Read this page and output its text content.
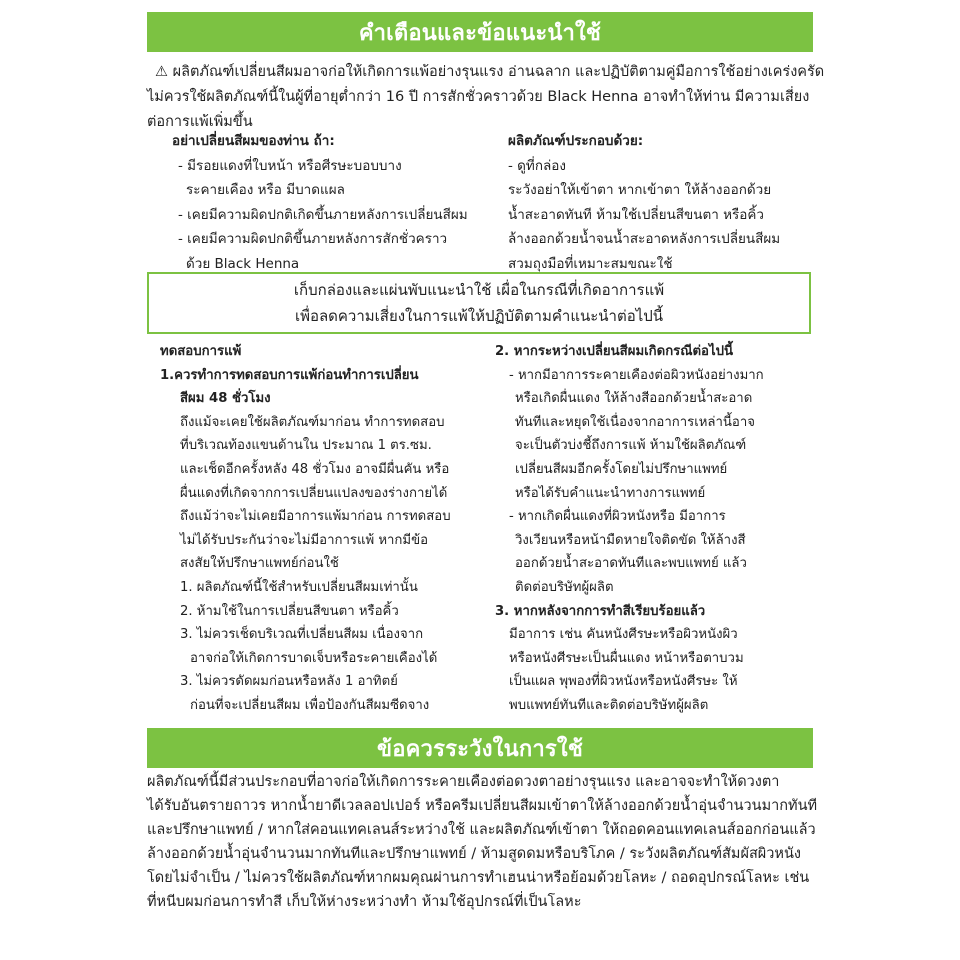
คำเตือนและข้อแนะนำใช้

⚠ ผลิตภัณฑ์เปลี่ยนสีผมอาจก่อให้เกิดการแพ้อย่างรุนแรง อ่านฉลาก และปฏิบัติตามคู่มือการใช้อย่างเคร่งครัด

ไม่ควรใช้ผลิตภัณฑ์นี้ในผู้ที่อายุต่ำกว่า 16 ปี การสักชั่วคราวด้วย Black Henna อาจทำให้ท่าน มีความเสี่ยง

ต่อการแพ้เพิ่มขึ้น

อย่าเปลี่ยนสีผมของท่าน ถ้า:

- มีรอยแดงที่ใบหน้า หรือศีรษะบอบบาง

ระคายเคือง หรือ มีบาดแผล

- เคยมีความผิดปกติเกิดขึ้นภายหลังการเปลี่ยนสีผม

- เคยมีความผิดปกติขึ้นภายหลังการสักชั่วคราว

ด้วย Black Henna

ผลิตภัณฑ์ประกอบด้วย:

- ดูที่กล่อง

ระวังอย่าให้เข้าตา หากเข้าตา ให้ล้างออกด้วย

น้ำสะอาดทันที ห้ามใช้เปลี่ยนสีขนตา หรือคิ้ว

ล้างออกด้วยน้ำจนน้ำสะอาดหลังการเปลี่ยนสีผม

สวมถุงมือที่เหมาะสมขณะใช้

เก็บกล่องและแผ่นพับแนะนำใช้ เผื่อในกรณีที่เกิดอาการแพ้

เพื่อลดความเสี่ยงในการแพ้ให้ปฏิบัติตามคำแนะนำต่อไปนี้

ทดสอบการแพ้

1.ควรทำการทดสอบการแพ้ก่อนทำการเปลี่ยน

สีผม 48 ชั่วโมง

ถึงแม้จะเคยใช้ผลิตภัณฑ์มาก่อน ทำการทดสอบ

ที่บริเวณท้องแขนด้านใน ประมาณ 1 ตร.ซม.

และเช็ดอีกครั้งหลัง 48 ชั่วโมง อาจมีผื่นคัน หรือ

ผื่นแดงที่เกิดจากการเปลี่ยนแปลงของร่างกายได้

ถึงแม้ว่าจะไม่เคยมีอาการแพ้มาก่อน การทดสอบ

ไม่ได้รับประกันว่าจะไม่มีอาการแพ้ หากมีข้อ

สงสัยให้ปรึกษาแพทย์ก่อนใช้

1. ผลิตภัณฑ์นี้ใช้สำหรับเปลี่ยนสีผมเท่านั้น

2. ห้ามใช้ในการเปลี่ยนสีขนตา หรือคิ้ว

3. ไม่ควรเช็ดบริเวณที่เปลี่ยนสีผม เนื่องจาก

อาจก่อให้เกิดการบาดเจ็บหรือระคายเคืองได้

3. ไม่ควรดัดผมก่อนหรือหลัง 1 อาทิตย์

ก่อนที่จะเปลี่ยนสีผม เพื่อป้องกันสีผมซีดจาง

2. หากระหว่างเปลี่ยนสีผมเกิดกรณีต่อไปนี้

- หากมีอาการระคายเคืองต่อผิวหนังอย่างมาก

หรือเกิดผื่นแดง ให้ล้างสีออกด้วยน้ำสะอาด

ทันทีและหยุดใช้เนื่องจากอาการเหล่านี้อาจ

จะเป็นตัวบ่งชี้ถึงการแพ้ ห้ามใช้ผลิตภัณฑ์

เปลี่ยนสีผมอีกครั้งโดยไม่ปรึกษาแพทย์

หรือได้รับคำแนะนำทางการแพทย์

- หากเกิดผื่นแดงที่ผิวหนังหรือ มีอาการ

วิงเวียนหรือหน้ามืดหายใจติดขัด ให้ล้างสี

ออกด้วยน้ำสะอาดทันทีและพบแพทย์ แล้ว

ติดต่อบริษัทผู้ผลิต

3. หากหลังจากการทำสีเรียบร้อยแล้ว

มีอาการ เช่น คันหนังศีรษะหรือผิวหนังผิว

หรือหนังศีรษะเป็นผื่นแดง หน้าหรือตาบวม

เป็นแผล พุพองที่ผิวหนังหรือหนังศีรษะ ให้

พบแพทย์ทันทีและติดต่อบริษัทผู้ผลิต

ข้อควรระวังในการใช้

ผลิตภัณฑ์นี้มีส่วนประกอบที่อาจก่อให้เกิดการระคายเคืองต่อดวงตาอย่างรุนแรง และอาจจะทำให้ดวงตา

ได้รับอันตรายถาวร หากน้ำยาดีเวลลอปเปอร์ หรือครีมเปลี่ยนสีผมเข้าตาให้ล้างออกด้วยน้ำอุ่นจำนวนมากทันที

และปรึกษาแพทย์ / หากใส่คอนแทคเลนส์ระหว่างใช้ และผลิตภัณฑ์เข้าตา ให้ถอดคอนแทคเลนส์ออกก่อนแล้ว

ล้างออกด้วยน้ำอุ่นจำนวนมากทันทีและปรึกษาแพทย์ / ห้ามสูดดมหรือบริโภค / ระวังผลิตภัณฑ์สัมผัสผิวหนัง

โดยไม่จำเป็น / ไม่ควรใช้ผลิตภัณฑ์หากผมคุณผ่านการทำเฮนน่าหรือย้อมด้วยโลหะ / ถอดอุปกรณ์โลหะ เช่น

ที่หนีบผมก่อนการทำสี เก็บให้ห่างระหว่างทำ ห้ามใช้อุปกรณ์ที่เป็นโลหะ
